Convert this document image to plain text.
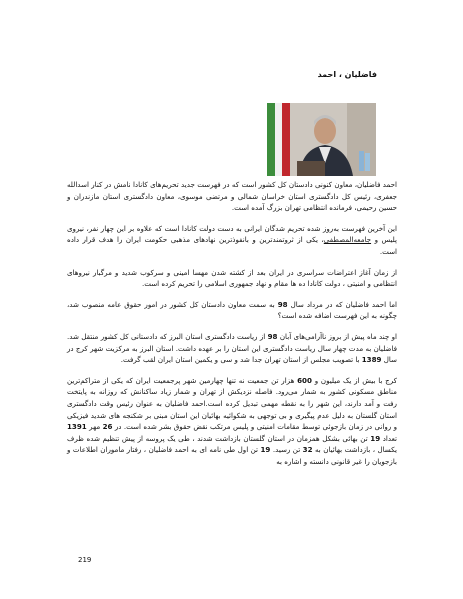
فاضلیان ، احمد

احمد فاضلیان، معاون کنونی دادستان کل کشور است که در فهرست جدید تحریم‌های کانادا نامش در کنار اسدالله جعفری، رئیس کل دادگستری استان خراسان شمالی و مرتضی موسوی، معاون دادگستری استان مازندران و حسین رحیمی، فرمانده انتظامی تهران بزرگ آمده است.

این آخرین فهرست به‌روز شده تحریم شدگان ایرانی به دست دولت کانادا است که علاوه بر این چهار نفر، نیروی پلیس و جامعه‌المصطفی، یکی از ثروتمندترین و بانفوذترین نهادهای مذهبی حکومت ایران را هدف قرار داده است.

از زمان آغاز اعتراضات سراسری در ایران بعد از کشته شدن مهسا امینی و سرکوب شدید و مرگبار نیروهای انتظامی و امنیتی ، دولت کانادا ده ها مقام و نهاد جمهوری اسلامی را تحریم کرده است.

اما احمد فاضلیان که در مرداد سال 98 به سمت معاون دادستان کل کشور در امور حقوق عامه منصوب شد، چگونه به این فهرست اضافه شده است؟

او چند ماه پیش از بروز ناآرامی‌های آبان 98 از ریاست دادگستری استان البرز که دادستانی کل کشور منتقل شد. فاضلیان به مدت چهار سال ریاست دادگستری این استان را بر عهده داشت. استان البرز به مرکزیت شهر کرج در سال 1389 با تصویب مجلس از استان تهران جدا شد و سی و یکمین استان ایران لقب گرفت.

کرج با بیش از یک میلیون و 600 هزار تن جمعیت نه تنها چهارمین شهر پرجمعیت ایران که یکی از متراکم‌ترین مناطق مسکونی کشور به شمار می‌رود. فاصله نزدیکش از تهران و شمار زیاد ساکنانش که روزانه به پایتخت رفت و آمد دارند، این شهر را به نقطه مهمی تبدیل کرده است.احمد فاضلیان به عنوان رئیس وقت دادگستری استان گلستان به دلیل عدم پیگیری و بی توجهی به شکوائیه بهائیان این استان مبنی بر شکنجه های شدید فیزیکی و روانی در زمان بازجوئی توسط مقامات امنیتی و پلیس مرتکب نقض حقوق بشر شده است. در 26 مهر 1391 تعداد 19 تن بهائی بشکل همزمان در استان گلستان بازداشت شدند ، طی یک پروسه از پیش تنظیم شده ظرف یکسال ، بازداشت بهائیان به 32 تن رسید. 19 تن اول طی نامه ای به احمد فاضلیان ، رفتار ماموران اطلاعات و بازجویان را غیر قانونی دانسته و اشاره به

219
